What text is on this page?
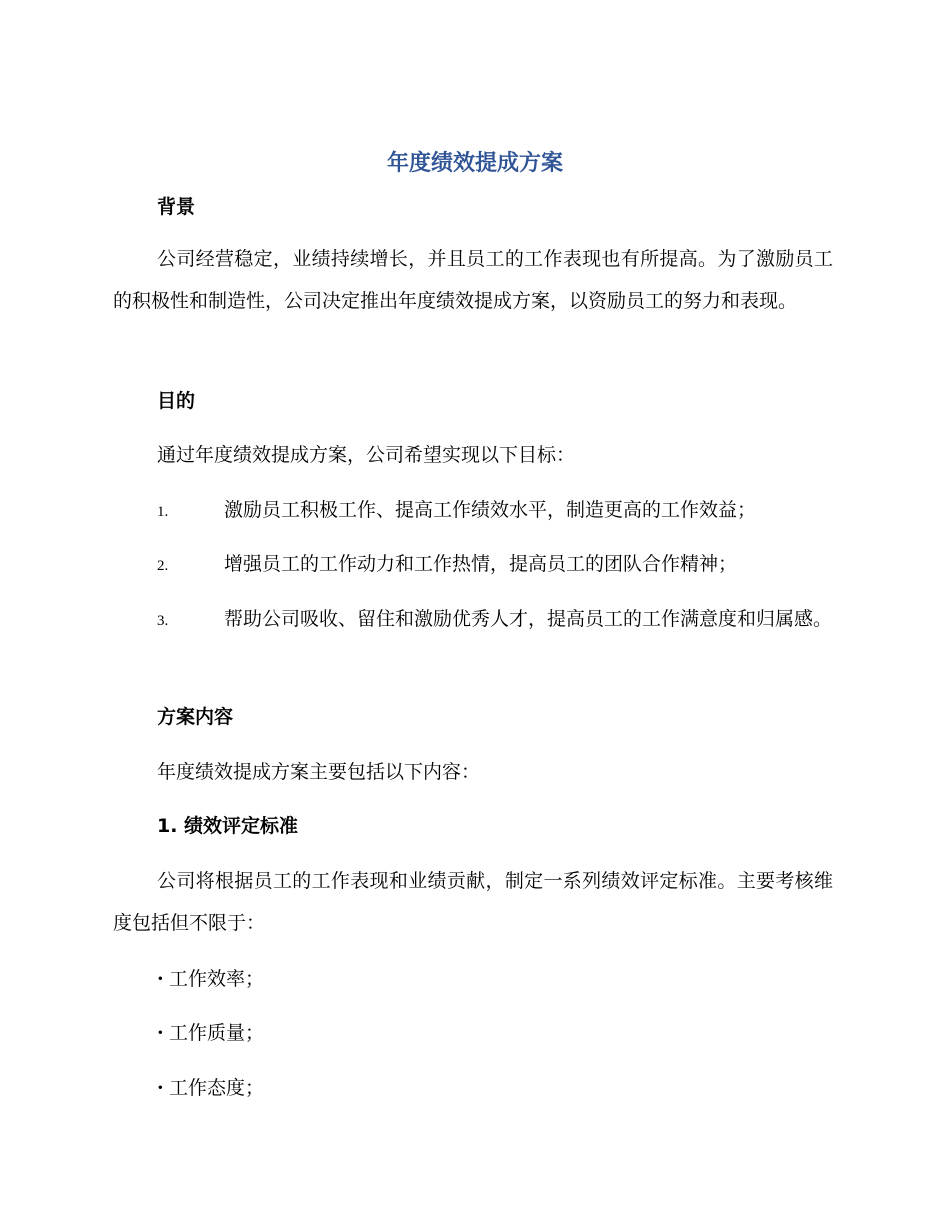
年度绩效提成方案
背景

公司经营稳定，业绩持续增长，并且员工的工作表现也有所提高。为了激励员工的积极性和制造性，公司决定推出年度绩效提成方案，以资励员工的努力和表现。

目的
通过年度绩效提成方案，公司希望实现以下目标：
1.	激励员工积极工作、提高工作绩效水平，制造更高的工作效益；
2.	增强员工的工作动力和工作热情，提高员工的团队合作精神；
3.	帮助公司吸收、留住和激励优秀人才，提高员工的工作满意度和归属感。
方案内容
年度绩效提成方案主要包括以下内容：
1. 绩效评定标准

公司将根据员工的工作表现和业绩贡献，制定一系列绩效评定标准。主要考核维度包括但不限于：

· 工作效率；
· 工作质量；
· 工作态度；
